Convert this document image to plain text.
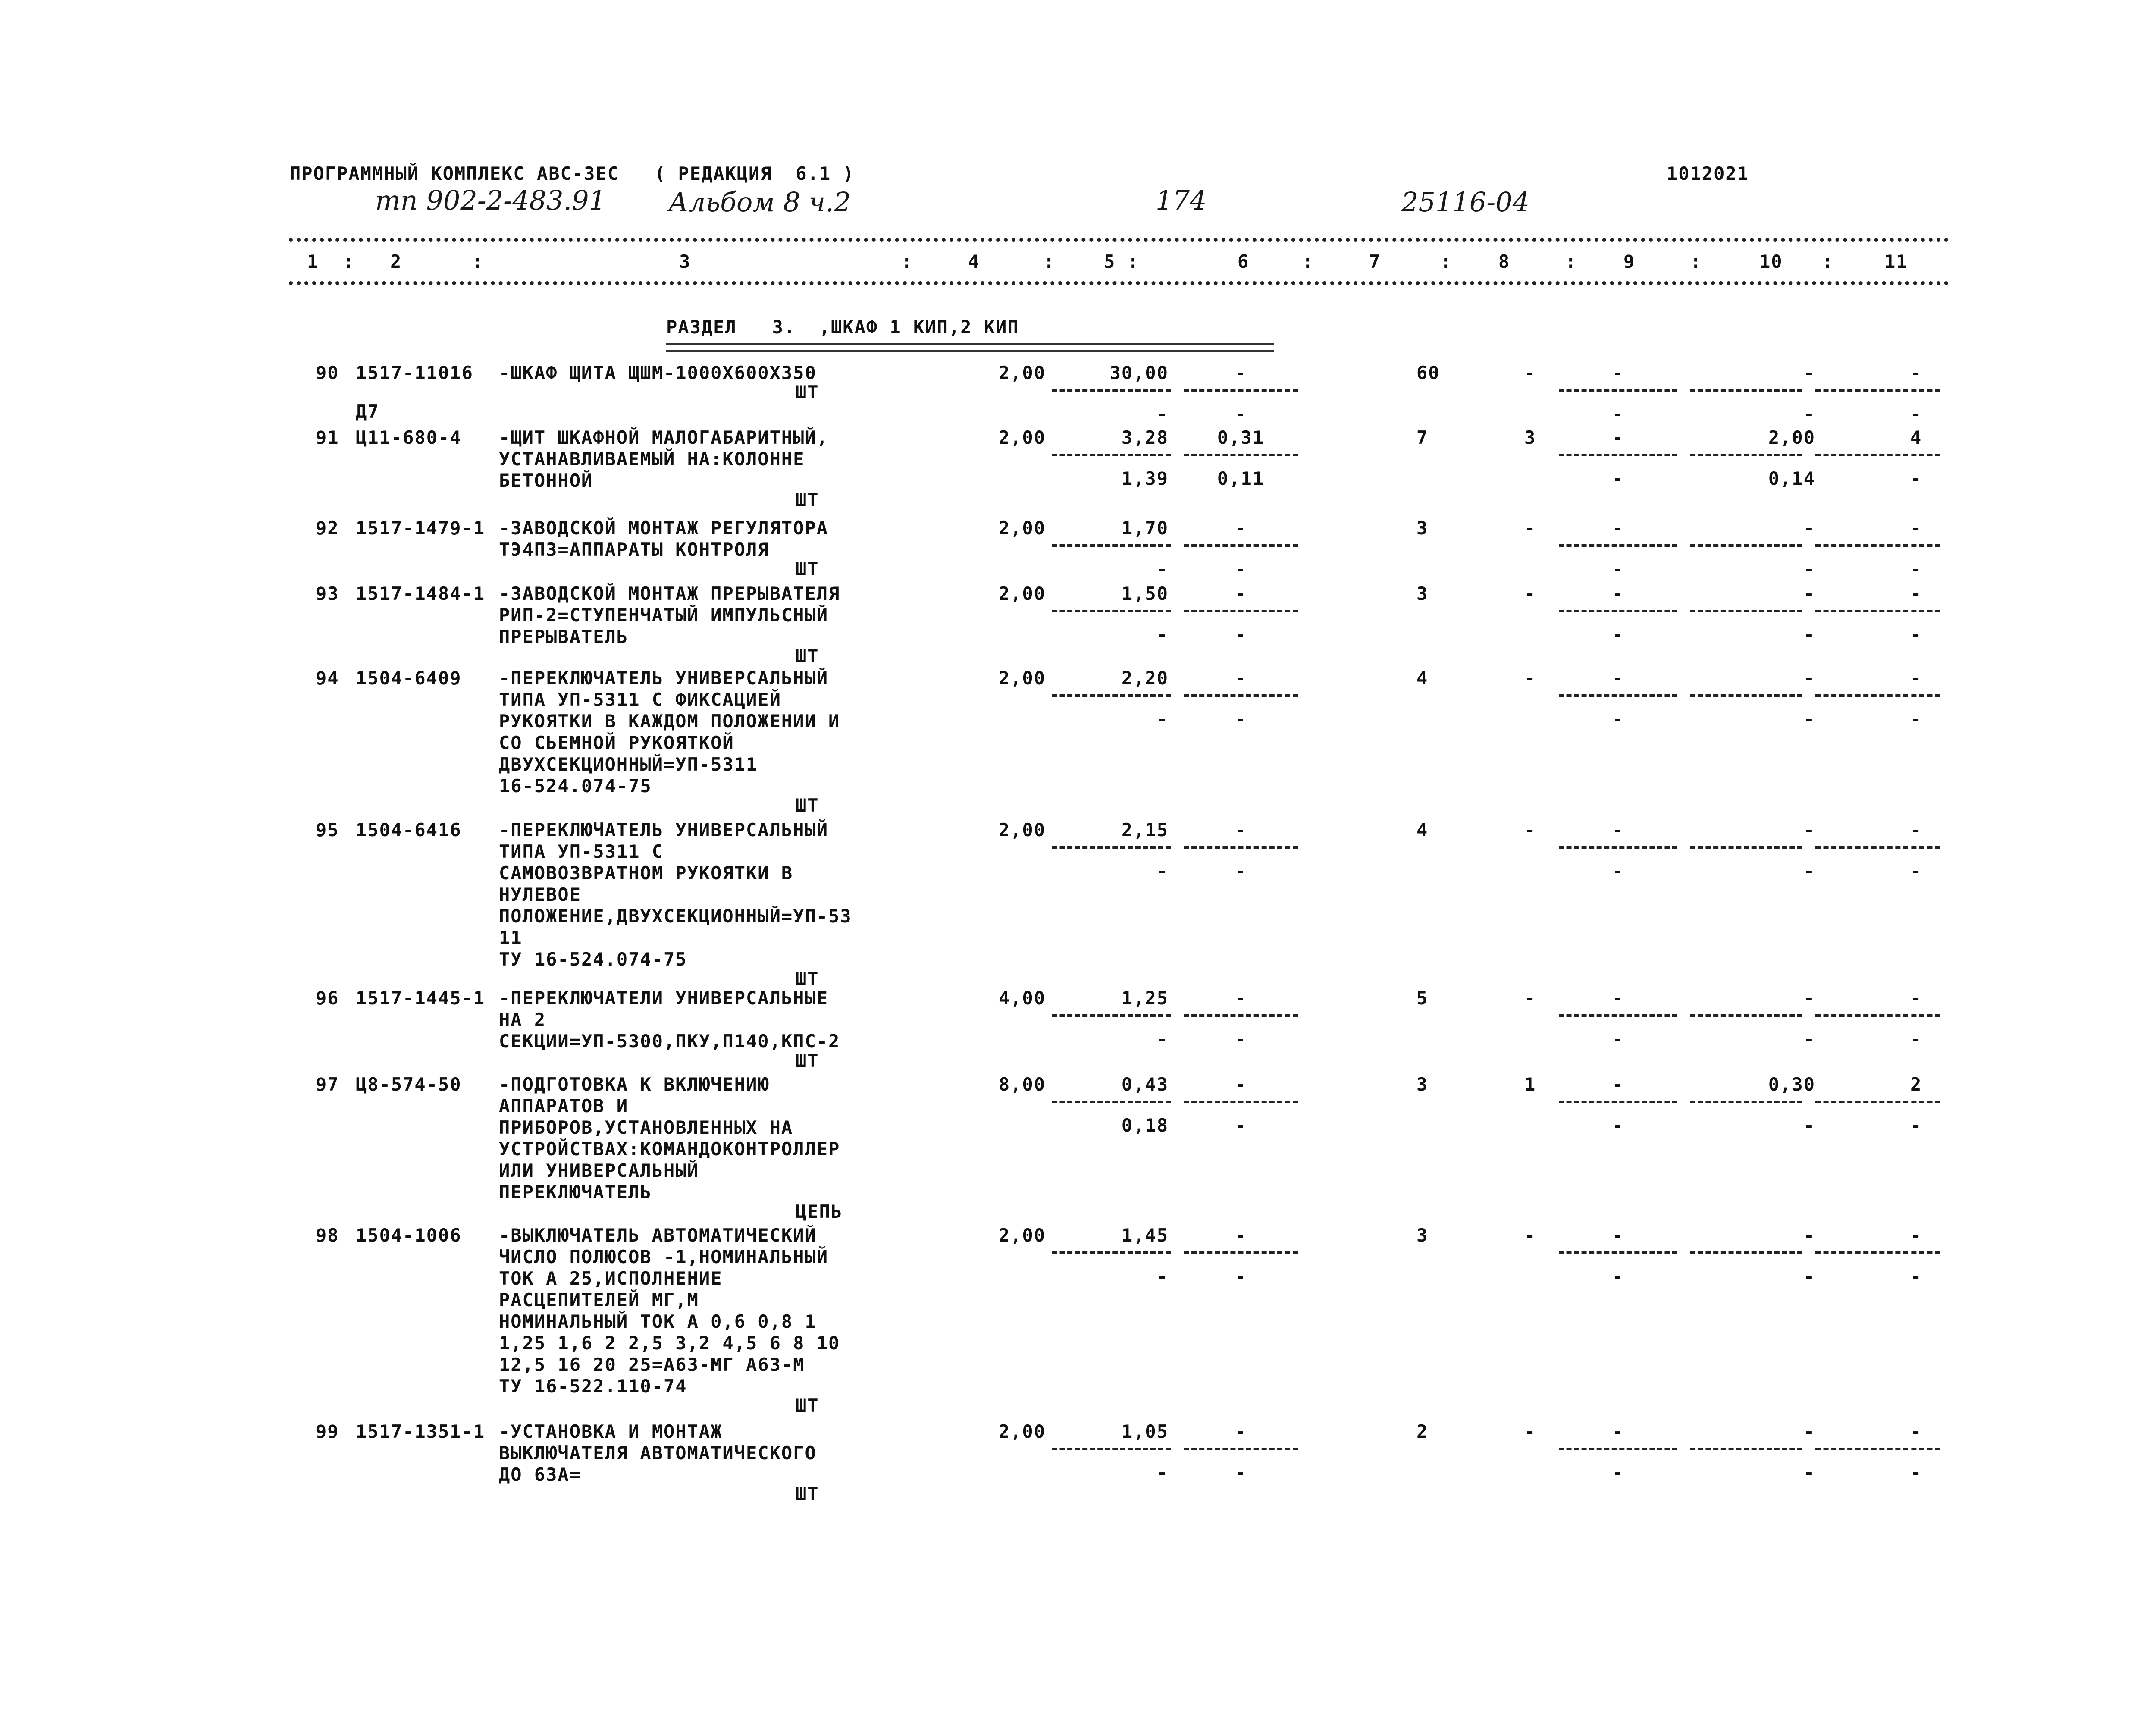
ПРОГРАММНЫЙ КОМПЛЕКС АВС-3ЕС   ( РЕДАКЦИЯ  6.1 )	1012021
тп 902-2-483.91 Альбом 8 ч.2	174	25116-04
1 : 2	:	3	:	4	:	5 :	6	:	7	:	8	:	9	:	10 :	11
РАЗДЕЛ   3.  ,ШКАФ 1 КИП,2 КИП
90 1517-11016 -ШКАФ ЩИТА ЩШМ-1000Х600Х350
ШТ
Д7
2,00	30,00	-	60	-	-	-	-
-	-	-	-	-
91 Ц11-680-4 -ЩИТ ШКАФНОЙ МАЛОГАБАРИТНЫЙ,
УСТАНАВЛИВАЕМЫЙ НА:КОЛОННЕ
БЕТОННОЙ
ШТ
2,00	3,28	0,31	7	3	-	2,00	4
1,39	0,11	-	0,14	-
92 1517-1479-1 -ЗАВОДСКОЙ МОНТАЖ РЕГУЛЯТОРА
ТЭ4ПЗ=АППАРАТЫ КОНТРОЛЯ
ШТ
2,00	1,70	-	3	-	-	-	-
-	-	-	-	-
93 1517-1484-1 -ЗАВОДСКОЙ МОНТАЖ ПРЕРЫВАТЕЛЯ
РИП-2=СТУПЕНЧАТЫЙ ИМПУЛЬСНЫЙ
ПРЕРЫВАТЕЛЬ
ШТ
2,00	1,50	-	3	-	-	-	-
-	-	-	-	-
94 1504-6409 -ПЕРЕКЛЮЧАТЕЛЬ УНИВЕРСАЛЬНЫЙ
ТИПА УП-5311 С ФИКСАЦИЕЙ
РУКОЯТКИ В КАЖДОМ ПОЛОЖЕНИИ И
СО СЬЕМНОЙ РУКОЯТКОЙ
ДВУХСЕКЦИОННЫЙ=УП-5311
16-524.074-75
ШТ
2,00	2,20	-	4	-	-	-	-
-	-	-	-	-
95 1504-6416 -ПЕРЕКЛЮЧАТЕЛЬ УНИВЕРСАЛЬНЫЙ
ТИПА УП-5311 С
САМОВОЗВРАТНОМ РУКОЯТКИ В
НУЛЕВОЕ
ПОЛОЖЕНИЕ,ДВУХСЕКЦИОННЫЙ=УП-53
11
ТУ 16-524.074-75
ШТ
2,00	2,15	-	4	-	-	-	-
-	-	-	-	-
96 1517-1445-1 -ПЕРЕКЛЮЧАТЕЛИ УНИВЕРСАЛЬНЫЕ
НА 2
СЕКЦИИ=УП-5300,ПКУ,П140,КПС-2
ШТ
4,00	1,25	-	5	-	-	-	-
-	-	-	-	-
97 Ц8-574-50 -ПОДГОТОВКА К ВКЛЮЧЕНИЮ
АППАРАТОВ И
ПРИБОРОВ,УСТАНОВЛЕННЫХ НА
УСТРОЙСТВАХ:КОМАНДОКОНТРОЛЛЕР
ИЛИ УНИВЕРСАЛЬНЫЙ
ПЕРЕКЛЮЧАТЕЛЬ
ЦЕПЬ
8,00	0,43	-	3	1	-	0,30	2
0,18	-	-	-	-
98 1504-1006 -ВЫКЛЮЧАТЕЛЬ АВТОМАТИЧЕСКИЙ
ЧИСЛО ПОЛЮСОВ -1,НОМИНАЛЬНЫЙ
ТОК А 25,ИСПОЛНЕНИЕ
РАСЦЕПИТЕЛЕЙ МГ,М
НОМИНАЛЬНЫЙ ТОК А 0,6 0,8 1
1,25 1,6 2 2,5 3,2 4,5 6 8 10
12,5 16 20 25=А63-МГ А63-М
ТУ 16-522.110-74
ШТ
2,00	1,45	-	3	-	-	-	-
-	-	-	-	-
99 1517-1351-1 -УСТАНОВКА И МОНТАЖ
ВЫКЛЮЧАТЕЛЯ АВТОМАТИЧЕСКОГО
ДО 63А=
ШТ
2,00	1,05	-	2	-	-	-	-
-	-	-	-	-
